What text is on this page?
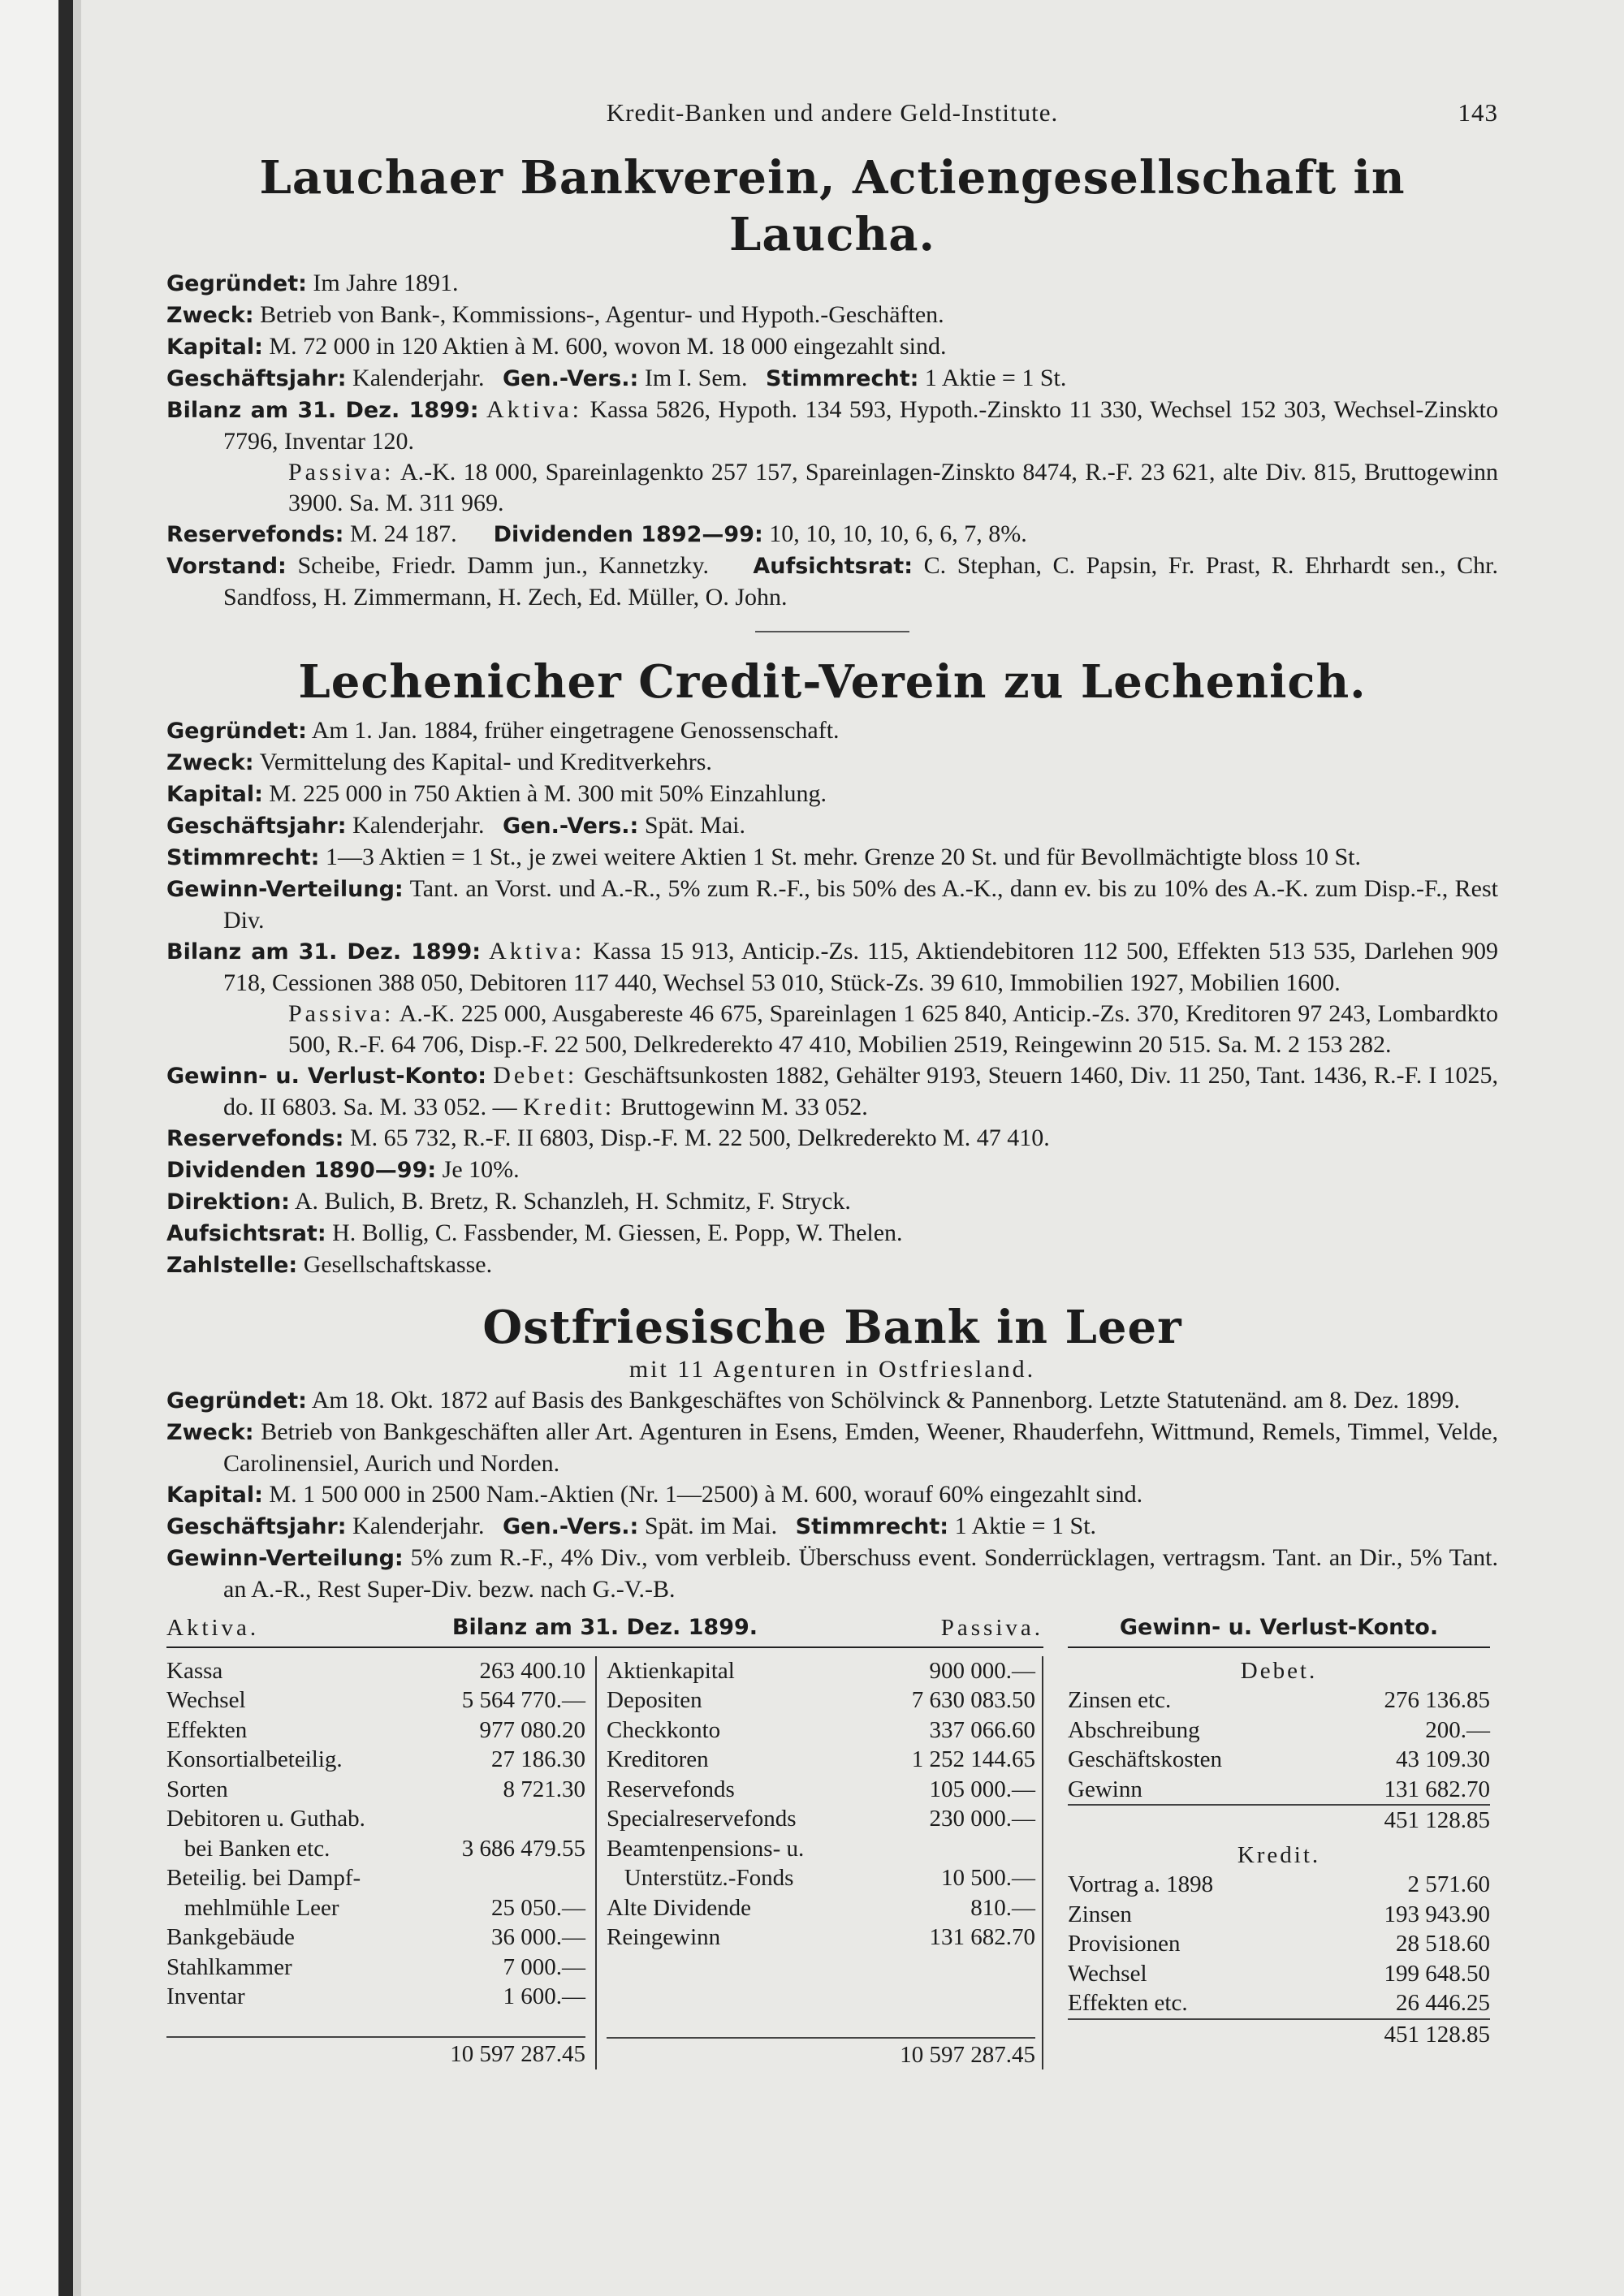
Kredit-Banken und andere Geld-Institute.	143
Lauchaer Bankverein, Actiengesellschaft in Laucha.

Gegründet: Im Jahre 1891.

Zweck: Betrieb von Bank-, Kommissions-, Agentur- und Hypoth.-Geschäften.

Kapital: M. 72 000 in 120 Aktien à M. 600, wovon M. 18 000 eingezahlt sind.

Geschäftsjahr: Kalenderjahr. Gen.-Vers.: Im I. Sem. Stimmrecht: 1 Aktie = 1 St.

Bilanz am 31. Dez. 1899: Aktiva: Kassa 5826, Hypoth. 134 593, Hypoth.-Zinskto 11 330, Wechsel 152 303, Wechsel-Zinskto 7796, Inventar 120.

Passiva: A.-K. 18 000, Spareinlagenkto 257 157, Spareinlagen-Zinskto 8474, R.-F. 23 621, alte Div. 815, Bruttogewinn 3900. Sa. M. 311 969.

Reservefonds: M. 24 187. Dividenden 1892—99: 10, 10, 10, 10, 6, 6, 7, 8%.

Vorstand: Scheibe, Friedr. Damm jun., Kannetzky. Aufsichtsrat: C. Stephan, C. Papsin, Fr. Prast, R. Ehrhardt sen., Chr. Sandfoss, H. Zimmermann, H. Zech, Ed. Müller, O. John.

Lechenicher Credit-Verein zu Lechenich.

Gegründet: Am 1. Jan. 1884, früher eingetragene Genossenschaft.

Zweck: Vermittelung des Kapital- und Kreditverkehrs.

Kapital: M. 225 000 in 750 Aktien à M. 300 mit 50% Einzahlung.

Geschäftsjahr: Kalenderjahr. Gen.-Vers.: Spät. Mai.

Stimmrecht: 1—3 Aktien = 1 St., je zwei weitere Aktien 1 St. mehr. Grenze 20 St. und für Bevollmächtigte bloss 10 St.

Gewinn-Verteilung: Tant. an Vorst. und A.-R., 5% zum R.-F., bis 50% des A.-K., dann ev. bis zu 10% des A.-K. zum Disp.-F., Rest Div.

Bilanz am 31. Dez. 1899: Aktiva: Kassa 15 913, Anticip.-Zs. 115, Aktiendebitoren 112 500, Effekten 513 535, Darlehen 909 718, Cessionen 388 050, Debitoren 117 440, Wechsel 53 010, Stück-Zs. 39 610, Immobilien 1927, Mobilien 1600.

Passiva: A.-K. 225 000, Ausgabereste 46 675, Spareinlagen 1 625 840, Anticip.-Zs. 370, Kreditoren 97 243, Lombardkto 500, R.-F. 64 706, Disp.-F. 22 500, Delkrederekto 47 410, Mobilien 2519, Reingewinn 20 515. Sa. M. 2 153 282.

Gewinn- u. Verlust-Konto: Debet: Geschäftsunkosten 1882, Gehälter 9193, Steuern 1460, Div. 11 250, Tant. 1436, R.-F. I 1025, do. II 6803. Sa. M. 33 052. — Kredit: Bruttogewinn M. 33 052.

Reservefonds: M. 65 732, R.-F. II 6803, Disp.-F. M. 22 500, Delkrederekto M. 47 410.

Dividenden 1890—99: Je 10%.

Direktion: A. Bulich, B. Bretz, R. Schanzleh, H. Schmitz, F. Stryck.

Aufsichtsrat: H. Bollig, C. Fassbender, M. Giessen, E. Popp, W. Thelen.

Zahlstelle: Gesellschaftskasse.

Ostfriesische Bank in Leer
mit 11 Agenturen in Ostfriesland.

Gegründet: Am 18. Okt. 1872 auf Basis des Bankgeschäftes von Schölvinck & Pannenborg. Letzte Statutenänd. am 8. Dez. 1899.

Zweck: Betrieb von Bankgeschäften aller Art. Agenturen in Esens, Emden, Weener, Rhauderfehn, Wittmund, Remels, Timmel, Velde, Carolinensiel, Aurich und Norden.

Kapital: M. 1 500 000 in 2500 Nam.-Aktien (Nr. 1—2500) à M. 600, worauf 60% eingezahlt sind.

Geschäftsjahr: Kalenderjahr. Gen.-Vers.: Spät. im Mai. Stimmrecht: 1 Aktie = 1 St.

Gewinn-Verteilung: 5% zum R.-F., 4% Div., vom verbleib. Überschuss event. Sonderrücklagen, vertragsm. Tant. an Dir., 5% Tant. an A.-R., Rest Super-Div. bezw. nach G.-V.-B.

Aktiva.	Bilanz am 31. Dez. 1899.	Passiva.
Kassa	263 400.10
Wechsel	5 564 770.—
Effekten	977 080.20
Konsortialbeteilig.	27 186.30
Sorten	8 721.30
Debitoren u. Guthab.
bei Banken etc.	3 686 479.55
Beteilig. bei Dampf-
mehlmühle Leer	25 050.—
Bankgebäude	36 000.—
Stahlkammer	7 000.—
Inventar	1 600.—
10 597 287.45
Aktienkapital	900 000.—
Depositen	7 630 083.50
Checkkonto	337 066.60
Kreditoren	1 252 144.65
Reservefonds	105 000.—
Specialreservefonds	230 000.—
Beamtenpensions- u.
Unterstütz.-Fonds	10 500.—
Alte Dividende	810.—
Reingewinn	131 682.70
10 597 287.45
Gewinn- u. Verlust-Konto.
Debet.
Zinsen etc.	276 136.85
Abschreibung	200.—
Geschäftskosten	43 109.30
Gewinn	131 682.70
451 128.85
Kredit.
Vortrag a. 1898	2 571.60
Zinsen	193 943.90
Provisionen	28 518.60
Wechsel	199 648.50
Effekten etc.	26 446.25
451 128.85
